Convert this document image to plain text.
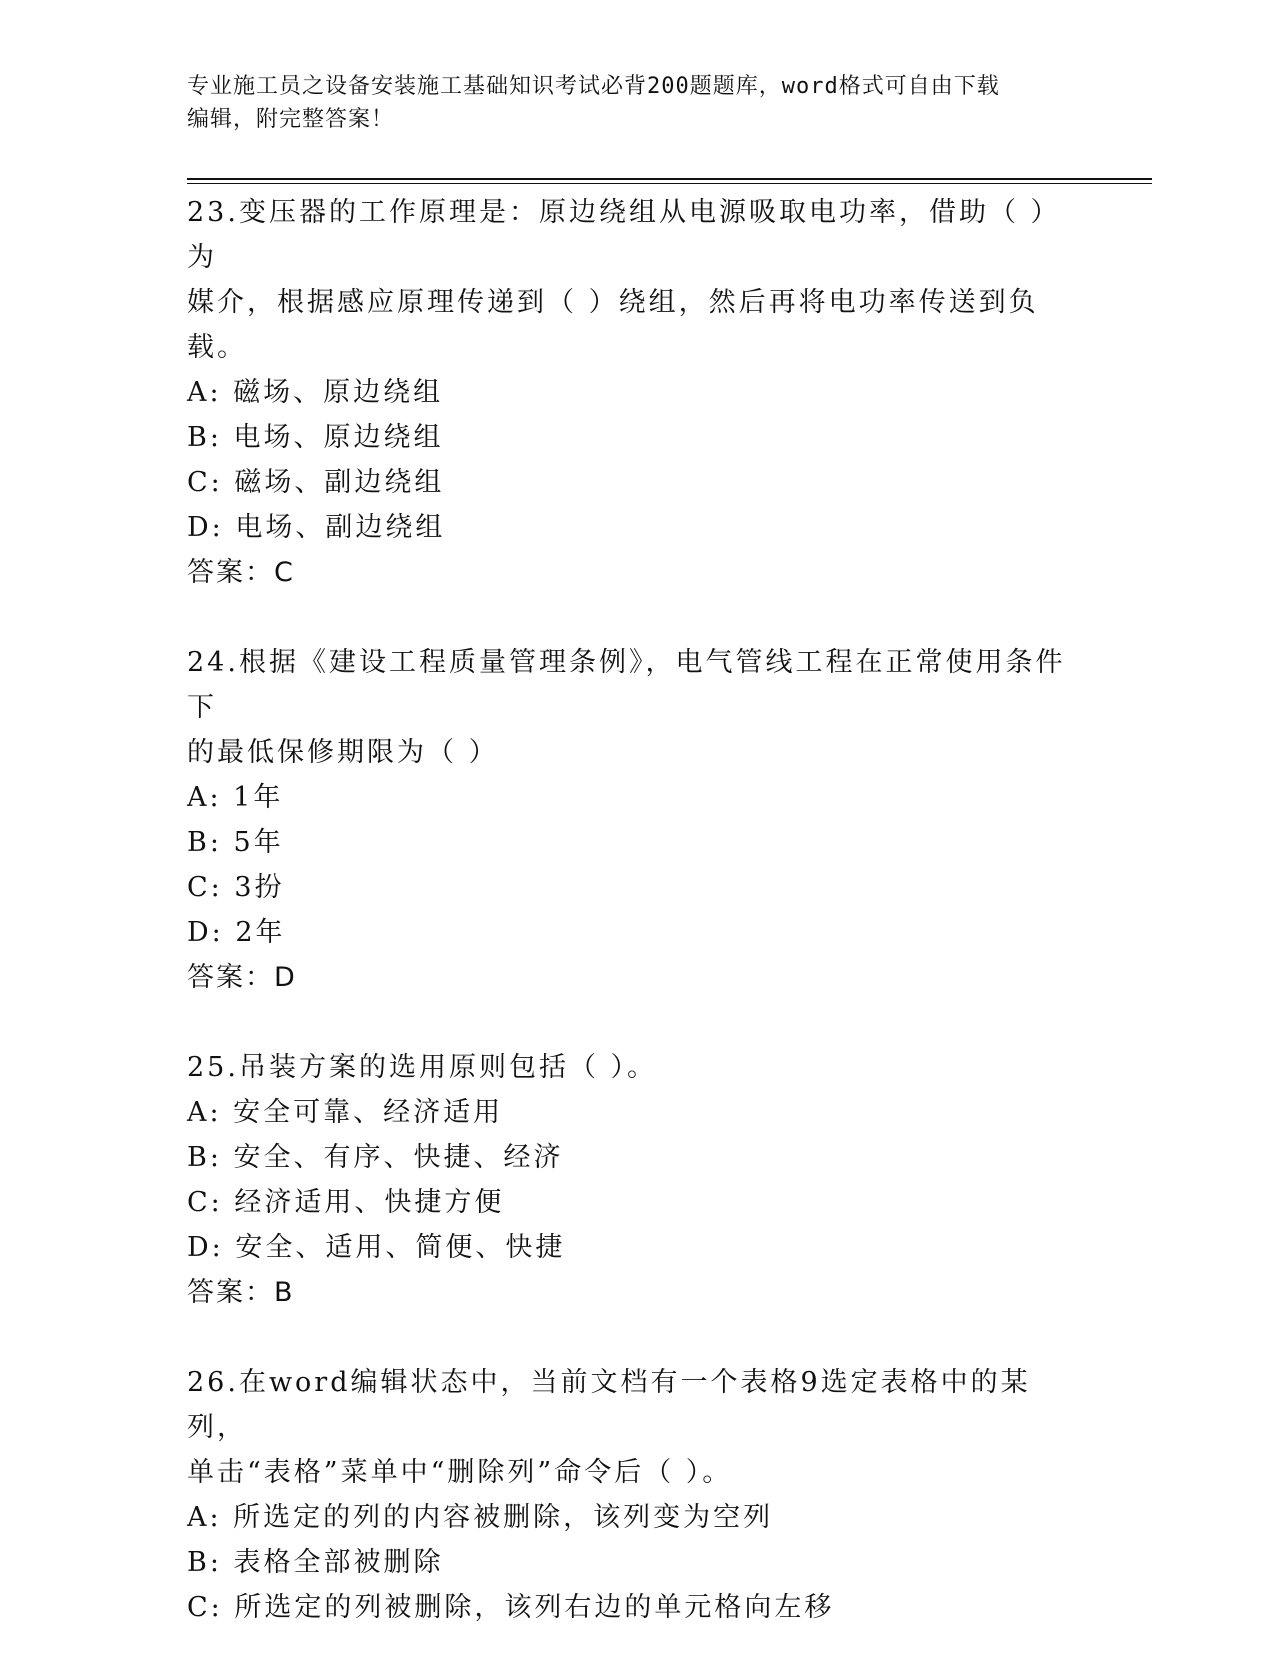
专业施工员之设备安装施工基础知识考试必背200题题库，word格式可自由下载
编辑，附完整答案！
23.变压器的工作原理是：原边绕组从电源吸取电功率，借助（ ）为
媒介，根据感应原理传递到（ ）绕组，然后再将电功率传送到负载。
A: 磁场、原边绕组
B: 电场、原边绕组
C: 磁场、副边绕组
D: 电场、副边绕组
答案：C
24.根据《建设工程质量管理条例》，电气管线工程在正常使用条件下
的最低保修期限为（ ）
A: 1年
B: 5年
C: 3扮
D: 2年
答案：D
25.吊装方案的选用原则包括（ ）。
A: 安全可靠、经济适用
B: 安全、有序、快捷、经济
C: 经济适用、快捷方便
D: 安全、适用、简便、快捷
答案：B
26.在word编辑状态中，当前文档有一个表格9选定表格中的某列，
单击“表格”菜单中“删除列”命令后（ ）。
A: 所选定的列的内容被删除，该列变为空列
B: 表格全部被删除
C: 所选定的列被删除，该列右边的单元格向左移
